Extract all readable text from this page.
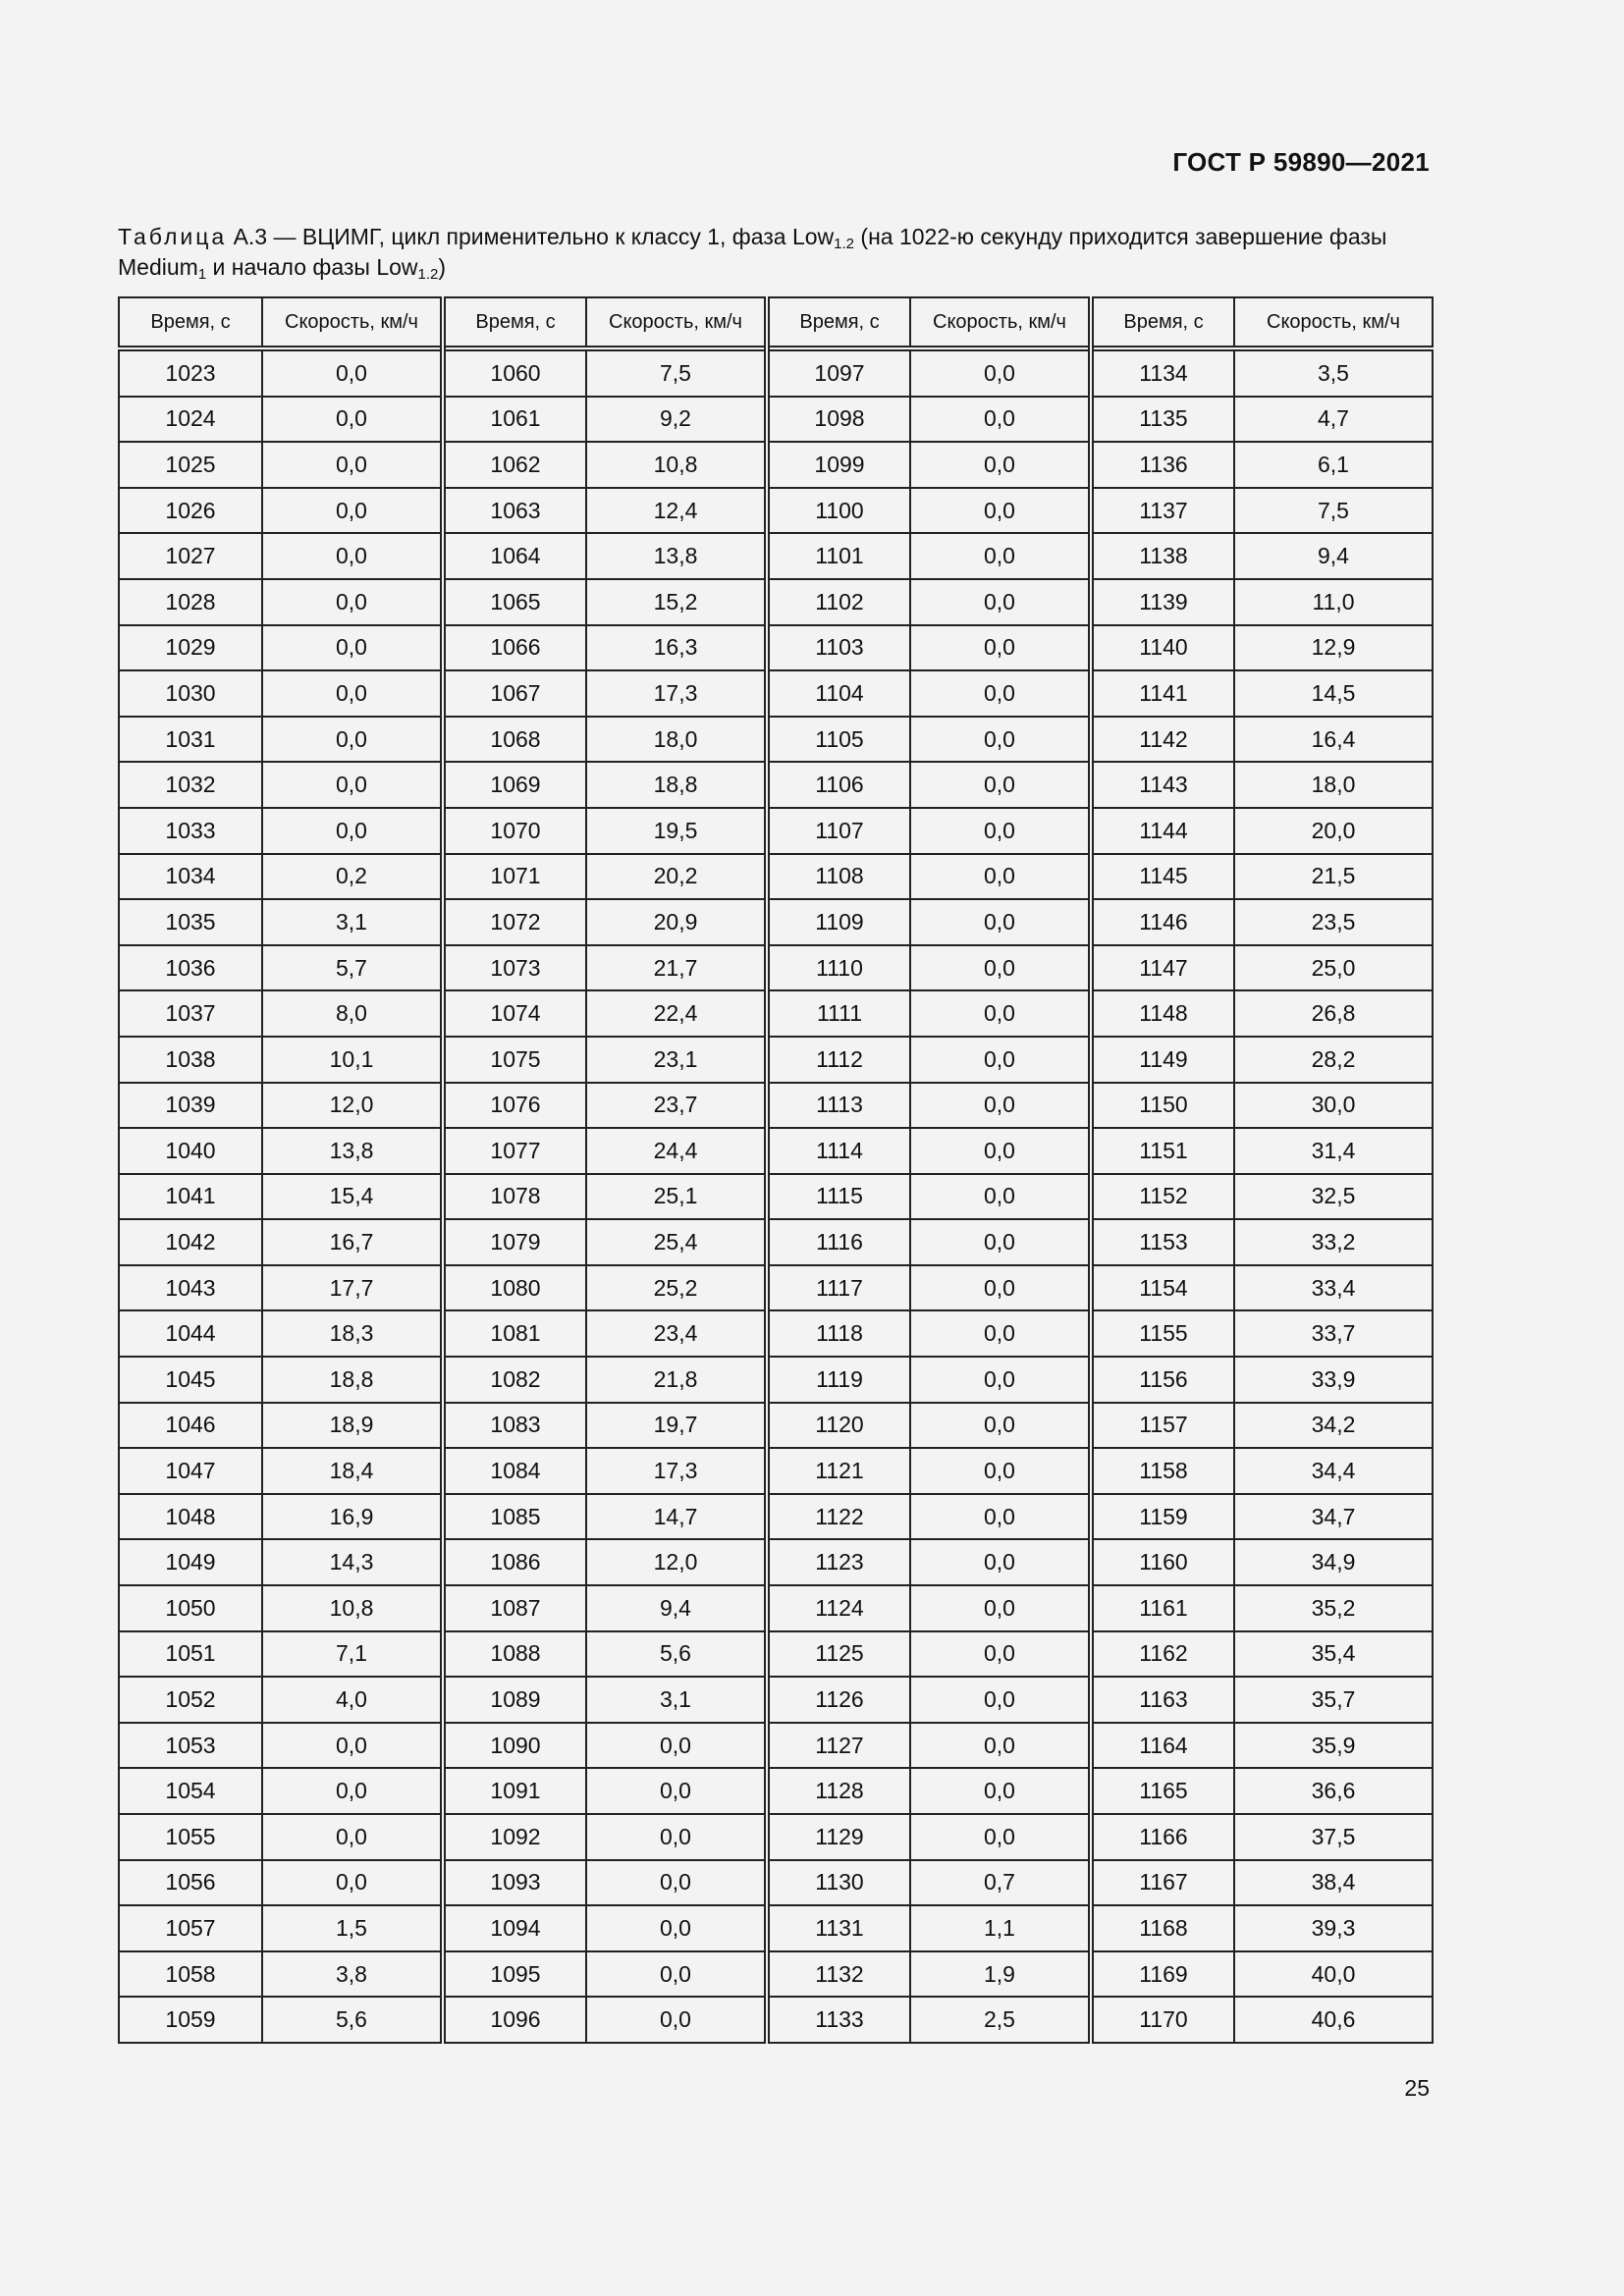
ГОСТ Р 59890—2021
Таблица А.3 — ВЦИМГ, цикл применительно к классу 1, фаза Low$_{1.2}$ (на 1022-ю секунду приходится завершение фазы Medium$_1$ и начало фазы Low$_{1.2}$)
Время, с	Скорость, км/ч	Время, с	Скорость, км/ч	Время, с	Скорость, км/ч	Время, с	Скорость, км/ч
1023	0,0	1060	7,5	1097	0,0	1134	3,5
1024	0,0	1061	9,2	1098	0,0	1135	4,7
1025	0,0	1062	10,8	1099	0,0	1136	6,1
1026	0,0	1063	12,4	1100	0,0	1137	7,5
1027	0,0	1064	13,8	1101	0,0	1138	9,4
1028	0,0	1065	15,2	1102	0,0	1139	11,0
1029	0,0	1066	16,3	1103	0,0	1140	12,9
1030	0,0	1067	17,3	1104	0,0	1141	14,5
1031	0,0	1068	18,0	1105	0,0	1142	16,4
1032	0,0	1069	18,8	1106	0,0	1143	18,0
1033	0,0	1070	19,5	1107	0,0	1144	20,0
1034	0,2	1071	20,2	1108	0,0	1145	21,5
1035	3,1	1072	20,9	1109	0,0	1146	23,5
1036	5,7	1073	21,7	1110	0,0	1147	25,0
1037	8,0	1074	22,4	1111	0,0	1148	26,8
1038	10,1	1075	23,1	1112	0,0	1149	28,2
1039	12,0	1076	23,7	1113	0,0	1150	30,0
1040	13,8	1077	24,4	1114	0,0	1151	31,4
1041	15,4	1078	25,1	1115	0,0	1152	32,5
1042	16,7	1079	25,4	1116	0,0	1153	33,2
1043	17,7	1080	25,2	1117	0,0	1154	33,4
1044	18,3	1081	23,4	1118	0,0	1155	33,7
1045	18,8	1082	21,8	1119	0,0	1156	33,9
1046	18,9	1083	19,7	1120	0,0	1157	34,2
1047	18,4	1084	17,3	1121	0,0	1158	34,4
1048	16,9	1085	14,7	1122	0,0	1159	34,7
1049	14,3	1086	12,0	1123	0,0	1160	34,9
1050	10,8	1087	9,4	1124	0,0	1161	35,2
1051	7,1	1088	5,6	1125	0,0	1162	35,4
1052	4,0	1089	3,1	1126	0,0	1163	35,7
1053	0,0	1090	0,0	1127	0,0	1164	35,9
1054	0,0	1091	0,0	1128	0,0	1165	36,6
1055	0,0	1092	0,0	1129	0,0	1166	37,5
1056	0,0	1093	0,0	1130	0,7	1167	38,4
1057	1,5	1094	0,0	1131	1,1	1168	39,3
1058	3,8	1095	0,0	1132	1,9	1169	40,0
1059	5,6	1096	0,0	1133	2,5	1170	40,6
25
